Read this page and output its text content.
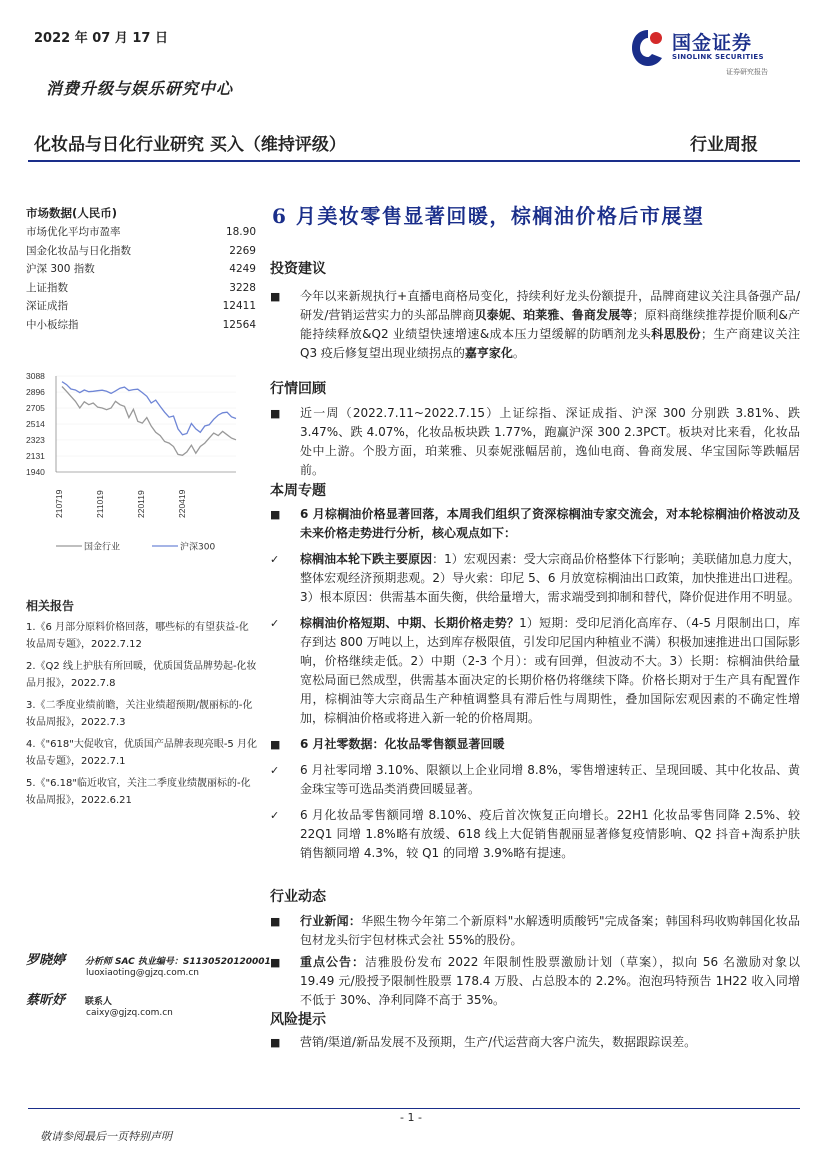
2022 年 07 月 17 日	国金证券
SINOLINK SECURITIES
证券研究报告
消费升级与娱乐研究中心
化妆品与日化行业研究 买入（维持评级）	行业周报
市场数据(人民币)
市场优化平均市盈率	18.90
国金化妆品与日化指数	2269
沪深 300 指数	4249
上证指数	3228
深证成指	12411
中小板综指	12564
3088
2896
2705
2514
2323
2131
1940
210719	211019	220119	220419
国金行业	沪深300
相关报告
1.《6 月部分原料价格回落，哪些标的有望获益-化妆品周专题》，2022.7.12
2.《Q2 线上护肤有所回暖，优质国货品牌势起-化妆品月报》，2022.7.8
3.《二季度业绩前瞻，关注业绩超预期/靓丽标的-化妆品周报》，2022.7.3
4.《"618"大促收官，优质国产品牌表现亮眼-5 月化妆品专题》，2022.7.1
5.《"6.18"临近收官，关注二季度业绩靓丽标的-化妆品周报》，2022.6.21
罗晓婷 分析师 SAC 执业编号：S1130520120001
luoxiaoting@gjzq.com.cn
蔡昕妤 联系人
caixy@gjzq.com.cn
6 月美妆零售显著回暖，棕榈油价格后市展望
投资建议
■	今年以来新规执行+直播电商格局变化，持续利好龙头份额提升，品牌商建议关注具备强产品/研发/营销运营实力的头部品牌商贝泰妮、珀莱雅、鲁商发展等；原料商继续推荐提价顺利&产能持续释放&Q2 业绩望快速增速&成本压力望缓解的防晒剂龙头科思股份；生产商建议关注 Q3 疫后修复望出现业绩拐点的嘉亨家化。
行情回顾
■	近一周（2022.7.11~2022.7.15）上证综指、深证成指、沪深 300 分别跌 3.81%、跌 3.47%、跌 4.07%，化妆品板块跌 1.77%，跑赢沪深 300 2.3PCT。板块对比来看，化妆品处中上游。个股方面，珀莱雅、贝泰妮涨幅居前，逸仙电商、鲁商发展、华宝国际等跌幅居前。
本周专题
■	6 月棕榈油价格显著回落，本周我们组织了资深棕榈油专家交流会，对本轮棕榈油价格波动及未来价格走势进行分析，核心观点如下：
✓	棕榈油本轮下跌主要原因：1）宏观因素：受大宗商品价格整体下行影响；美联储加息力度大，整体宏观经济预期悲观。2）导火索：印尼 5、6 月放宽棕榈油出口政策，加快推进出口进程。3）根本原因：供需基本面失衡，供给量增大，需求端受到抑制和替代，降价促进作用不明显。
✓	棕榈油价格短期、中期、长期价格走势？1）短期：受印尼消化高库存、（4-5 月限制出口，库存到达 800 万吨以上，达到库存极限值，引发印尼国内种植业不满）积极加速推进出口国际影响，价格继续走低。2）中期（2-3 个月）：或有回弹，但波动不大。3）长期：棕榈油供给量宽松局面已然成型，供需基本面决定的长期价格仍将继续下降。价格长期对于生产具有配置作用，棕榈油等大宗商品生产种植调整具有滞后性与周期性，叠加国际宏观因素的不确定性增加，棕榈油价格或将进入新一轮的价格周期。
■	6 月社零数据：化妆品零售额显著回暖
✓	6 月社零同增 3.10%、限额以上企业同增 8.8%，零售增速转正、呈现回暖、其中化妆品、黄金珠宝等可选品类消费回暖显著。
✓	6 月化妆品零售额同增 8.10%、疫后首次恢复正向增长。22H1 化妆品零售同降 2.5%、较 22Q1 同增 1.8%略有放缓、618 线上大促销售靓丽显著修复疫情影响、Q2 抖音+淘系护肤销售额同增 4.3%，较 Q1 的同增 3.9%略有提速。
行业动态
■	行业新闻：华熙生物今年第二个新原料"水解透明质酸钙"完成备案；韩国科玛收购韩国化妆品包材龙头衍宇包材株式会社 55%的股份。
■	重点公告：洁雅股份发布 2022 年限制性股票激励计划（草案），拟向 56 名激励对象以 19.49 元/股授予限制性股票 178.4 万股、占总股本的 2.2%。泡泡玛特预告 1H22 收入同增不低于 30%、净利同降不高于 35%。
风险提示
■	营销/渠道/新品发展不及预期，生产/代运营商大客户流失，数据跟踪误差。
- 1 -
敬请参阅最后一页特别声明
